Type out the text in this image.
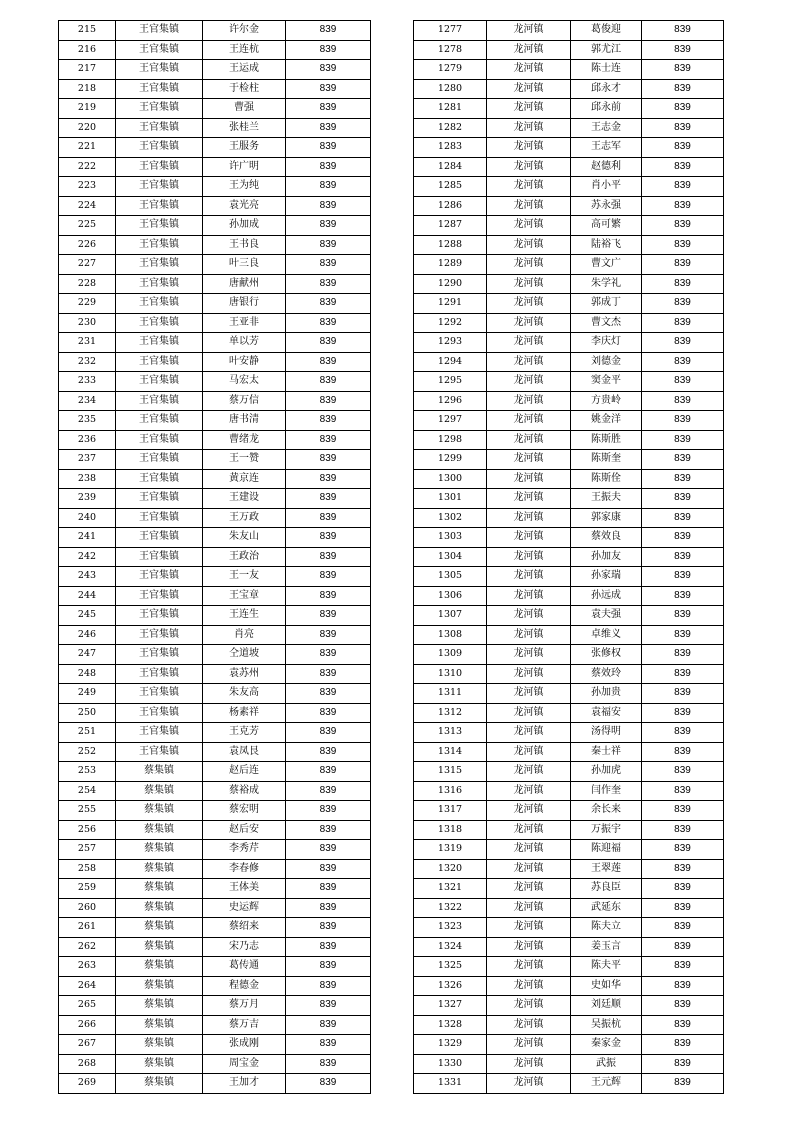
215	王官集镇	许尔金	839
216	王官集镇	王连杭	839
217	王官集镇	王运成	839
218	王官集镇	于检柱	839
219	王官集镇	曹强	839
220	王官集镇	张桂兰	839
221	王官集镇	王服务	839
222	王官集镇	许广明	839
223	王官集镇	王为纯	839
224	王官集镇	袁光亮	839
225	王官集镇	孙加成	839
226	王官集镇	王书良	839
227	王官集镇	叶三良	839
228	王官集镇	唐献州	839
229	王官集镇	唐银行	839
230	王官集镇	王亚非	839
231	王官集镇	单以芳	839
232	王官集镇	叶安静	839
233	王官集镇	马宏太	839
234	王官集镇	蔡万信	839
235	王官集镇	唐书清	839
236	王官集镇	曹绪龙	839
237	王官集镇	王一赞	839
238	王官集镇	黄京连	839
239	王官集镇	王建设	839
240	王官集镇	王万政	839
241	王官集镇	朱友山	839
242	王官集镇	王政治	839
243	王官集镇	王一友	839
244	王官集镇	王宝章	839
245	王官集镇	王连生	839
246	王官集镇	肖亮	839
247	王官集镇	仝道坡	839
248	王官集镇	袁苏州	839
249	王官集镇	朱友高	839
250	王官集镇	杨素祥	839
251	王官集镇	王克芳	839
252	王官集镇	袁凤艮	839
253	蔡集镇	赵后连	839
254	蔡集镇	蔡裕成	839
255	蔡集镇	蔡宏明	839
256	蔡集镇	赵后安	839
257	蔡集镇	李秀芹	839
258	蔡集镇	李春修	839
259	蔡集镇	王体美	839
260	蔡集镇	史运辉	839
261	蔡集镇	蔡绍来	839
262	蔡集镇	宋乃志	839
263	蔡集镇	葛传通	839
264	蔡集镇	程德金	839
265	蔡集镇	蔡万月	839
266	蔡集镇	蔡万吉	839
267	蔡集镇	张成刚	839
268	蔡集镇	周宝金	839
269	蔡集镇	王加才	839
1277	龙河镇	葛俊迎	839
1278	龙河镇	郭尤江	839
1279	龙河镇	陈士连	839
1280	龙河镇	邱永才	839
1281	龙河镇	邱永前	839
1282	龙河镇	王志金	839
1283	龙河镇	王志军	839
1284	龙河镇	赵德利	839
1285	龙河镇	肖小平	839
1286	龙河镇	苏永强	839
1287	龙河镇	高可繁	839
1288	龙河镇	陆裕飞	839
1289	龙河镇	曹文广	839
1290	龙河镇	朱学礼	839
1291	龙河镇	郭成丁	839
1292	龙河镇	曹文杰	839
1293	龙河镇	李庆灯	839
1294	龙河镇	刘德金	839
1295	龙河镇	窦金平	839
1296	龙河镇	方贵岭	839
1297	龙河镇	姚金洋	839
1298	龙河镇	陈斯胜	839
1299	龙河镇	陈斯奎	839
1300	龙河镇	陈斯佺	839
1301	龙河镇	王振夫	839
1302	龙河镇	郭家康	839
1303	龙河镇	蔡效良	839
1304	龙河镇	孙加友	839
1305	龙河镇	孙家瑞	839
1306	龙河镇	孙远成	839
1307	龙河镇	袁夫强	839
1308	龙河镇	卓维义	839
1309	龙河镇	张修权	839
1310	龙河镇	蔡效玲	839
1311	龙河镇	孙加贵	839
1312	龙河镇	袁福安	839
1313	龙河镇	汤得明	839
1314	龙河镇	秦士祥	839
1315	龙河镇	孙加虎	839
1316	龙河镇	闫作奎	839
1317	龙河镇	余长来	839
1318	龙河镇	万振宇	839
1319	龙河镇	陈迎福	839
1320	龙河镇	王翠莲	839
1321	龙河镇	苏良臣	839
1322	龙河镇	武延东	839
1323	龙河镇	陈夫立	839
1324	龙河镇	姜玉言	839
1325	龙河镇	陈夫平	839
1326	龙河镇	史如华	839
1327	龙河镇	刘廷顺	839
1328	龙河镇	吴振杭	839
1329	龙河镇	秦家金	839
1330	龙河镇	武振	839
1331	龙河镇	王元辉	839
